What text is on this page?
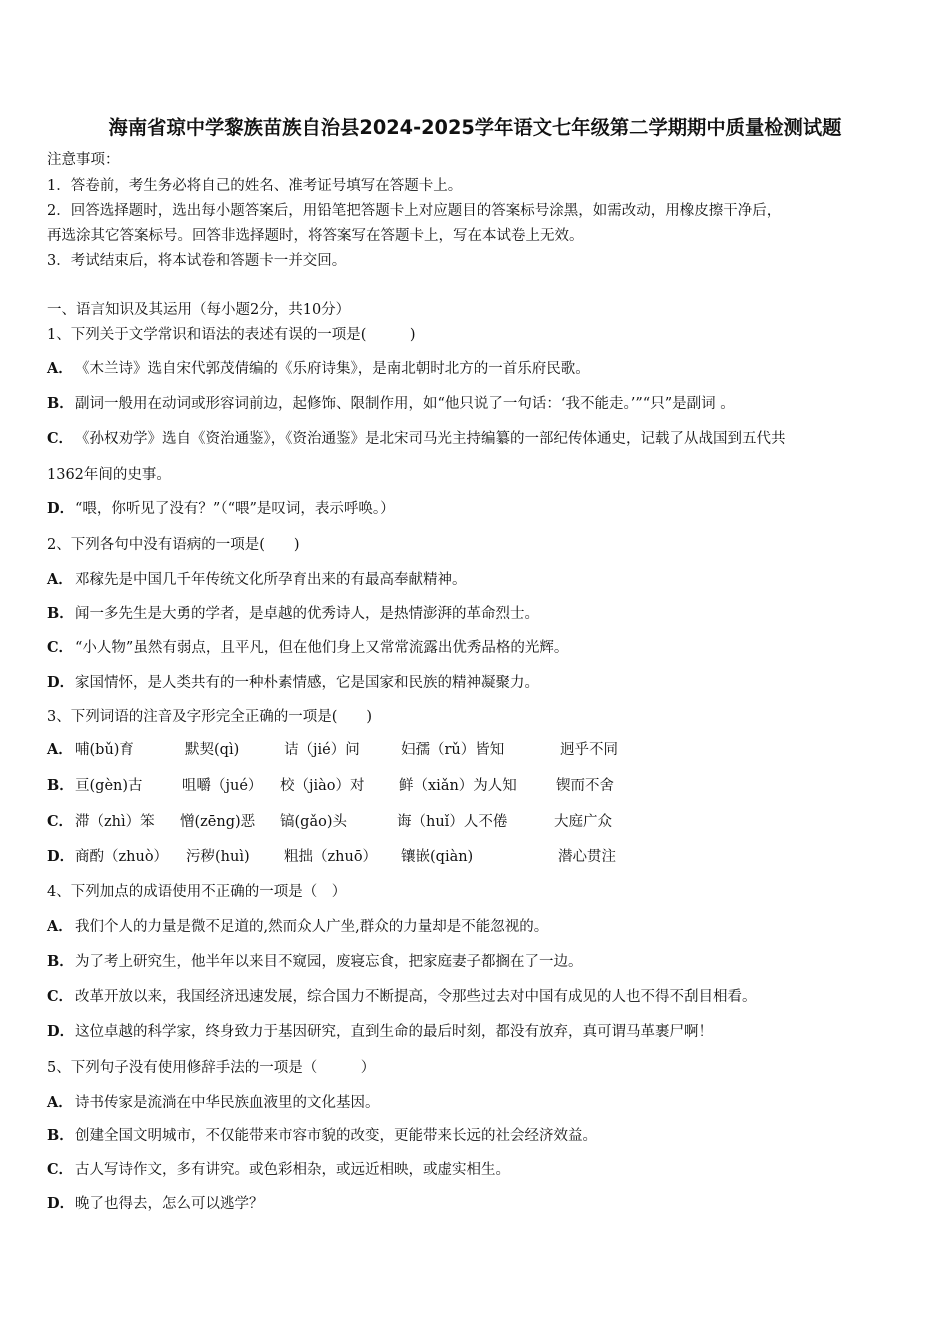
海南省琼中学黎族苗族自治县2024-2025学年语文七年级第二学期期中质量检测试题
注意事项：
1．答卷前，考生务必将自己的姓名、准考证号填写在答题卡上。
2．回答选择题时，选出每小题答案后，用铅笔把答题卡上对应题目的答案标号涂黑，如需改动，用橡皮擦干净后，
再选涂其它答案标号。回答非选择题时，将答案写在答题卡上，写在本试卷上无效。
3．考试结束后，将本试卷和答题卡一并交回。
一、语言知识及其运用（每小题2分，共10分）
1、下列关于文学常识和语法的表述有误的一项是(　　　)
A． 《木兰诗》选自宋代郭茂倩编的《乐府诗集》，是南北朝时北方的一首乐府民歌。
B．副词一般用在动词或形容词前边，起修饰、限制作用，如“他只说了一句话：‘我不能走。’”“只”是副词 。
C． 《孙权劝学》选自《资治通鉴》，《资治通鉴》是北宋司马光主持编纂的一部纪传体通史，记载了从战国到五代共
1362年间的史事。
D．“喂，你听见了没有？”（“喂”是叹词，表示呼唤。）
2、下列各句中没有语病的一项是(　　)
A． 邓稼先是中国几千年传统文化所孕育出来的有最高奉献精神。
B．闻一多先生是大勇的学者，是卓越的优秀诗人，是热情澎湃的革命烈士。
C． “小人物”虽然有弱点，且平凡，但在他们身上又常常流露出优秀品格的光辉。
D．家国情怀，是人类共有的一种朴素情感，它是国家和民族的精神凝聚力。
3、下列词语的注音及字形完全正确的一项是(　　)
A． 哺(bǔ)育	默契(qì)	诘（jié）问	妇孺（rǔ）皆知	迥乎不同
B． 亘(gèn)古	咀嚼（jué） 校（jiào）对 鲜（xiǎn）为人知	锲而不舍
C． 滞（zhì）笨 憎(zēng)恶 镐(gǎo)头	诲（huǐ）人不倦	大庭广众
D． 商酌（zhuò） 污秽(huì) 粗拙（zhuō） 镶嵌(qiàn)	潜心贯注
4、下列加点的成语使用不正确的一项是（　）
A． 我们个人的力量是微不足道的,然而众人广坐,群众的力量却是不能忽视的。
B．为了考上研究生，他半年以来目不窥园，废寝忘食，把家庭妻子都搁在了一边。
C． 改革开放以来，我国经济迅速发展，综合国力不断提高，令那些过去对中国有成见的人也不得不刮目相看。
D．这位卓越的科学家，终身致力于基因研究，直到生命的最后时刻，都没有放弃，真可谓马革裹尸啊！
5、下列句子没有使用修辞手法的一项是（　　　）
A． 诗书传家是流淌在中华民族血液里的文化基因。
B．创建全国文明城市，不仅能带来市容市貌的改变，更能带来长远的社会经济效益。
C． 古人写诗作文，多有讲究。或色彩相杂，或远近相映，或虚实相生。
D．晚了也得去，怎么可以逃学？
